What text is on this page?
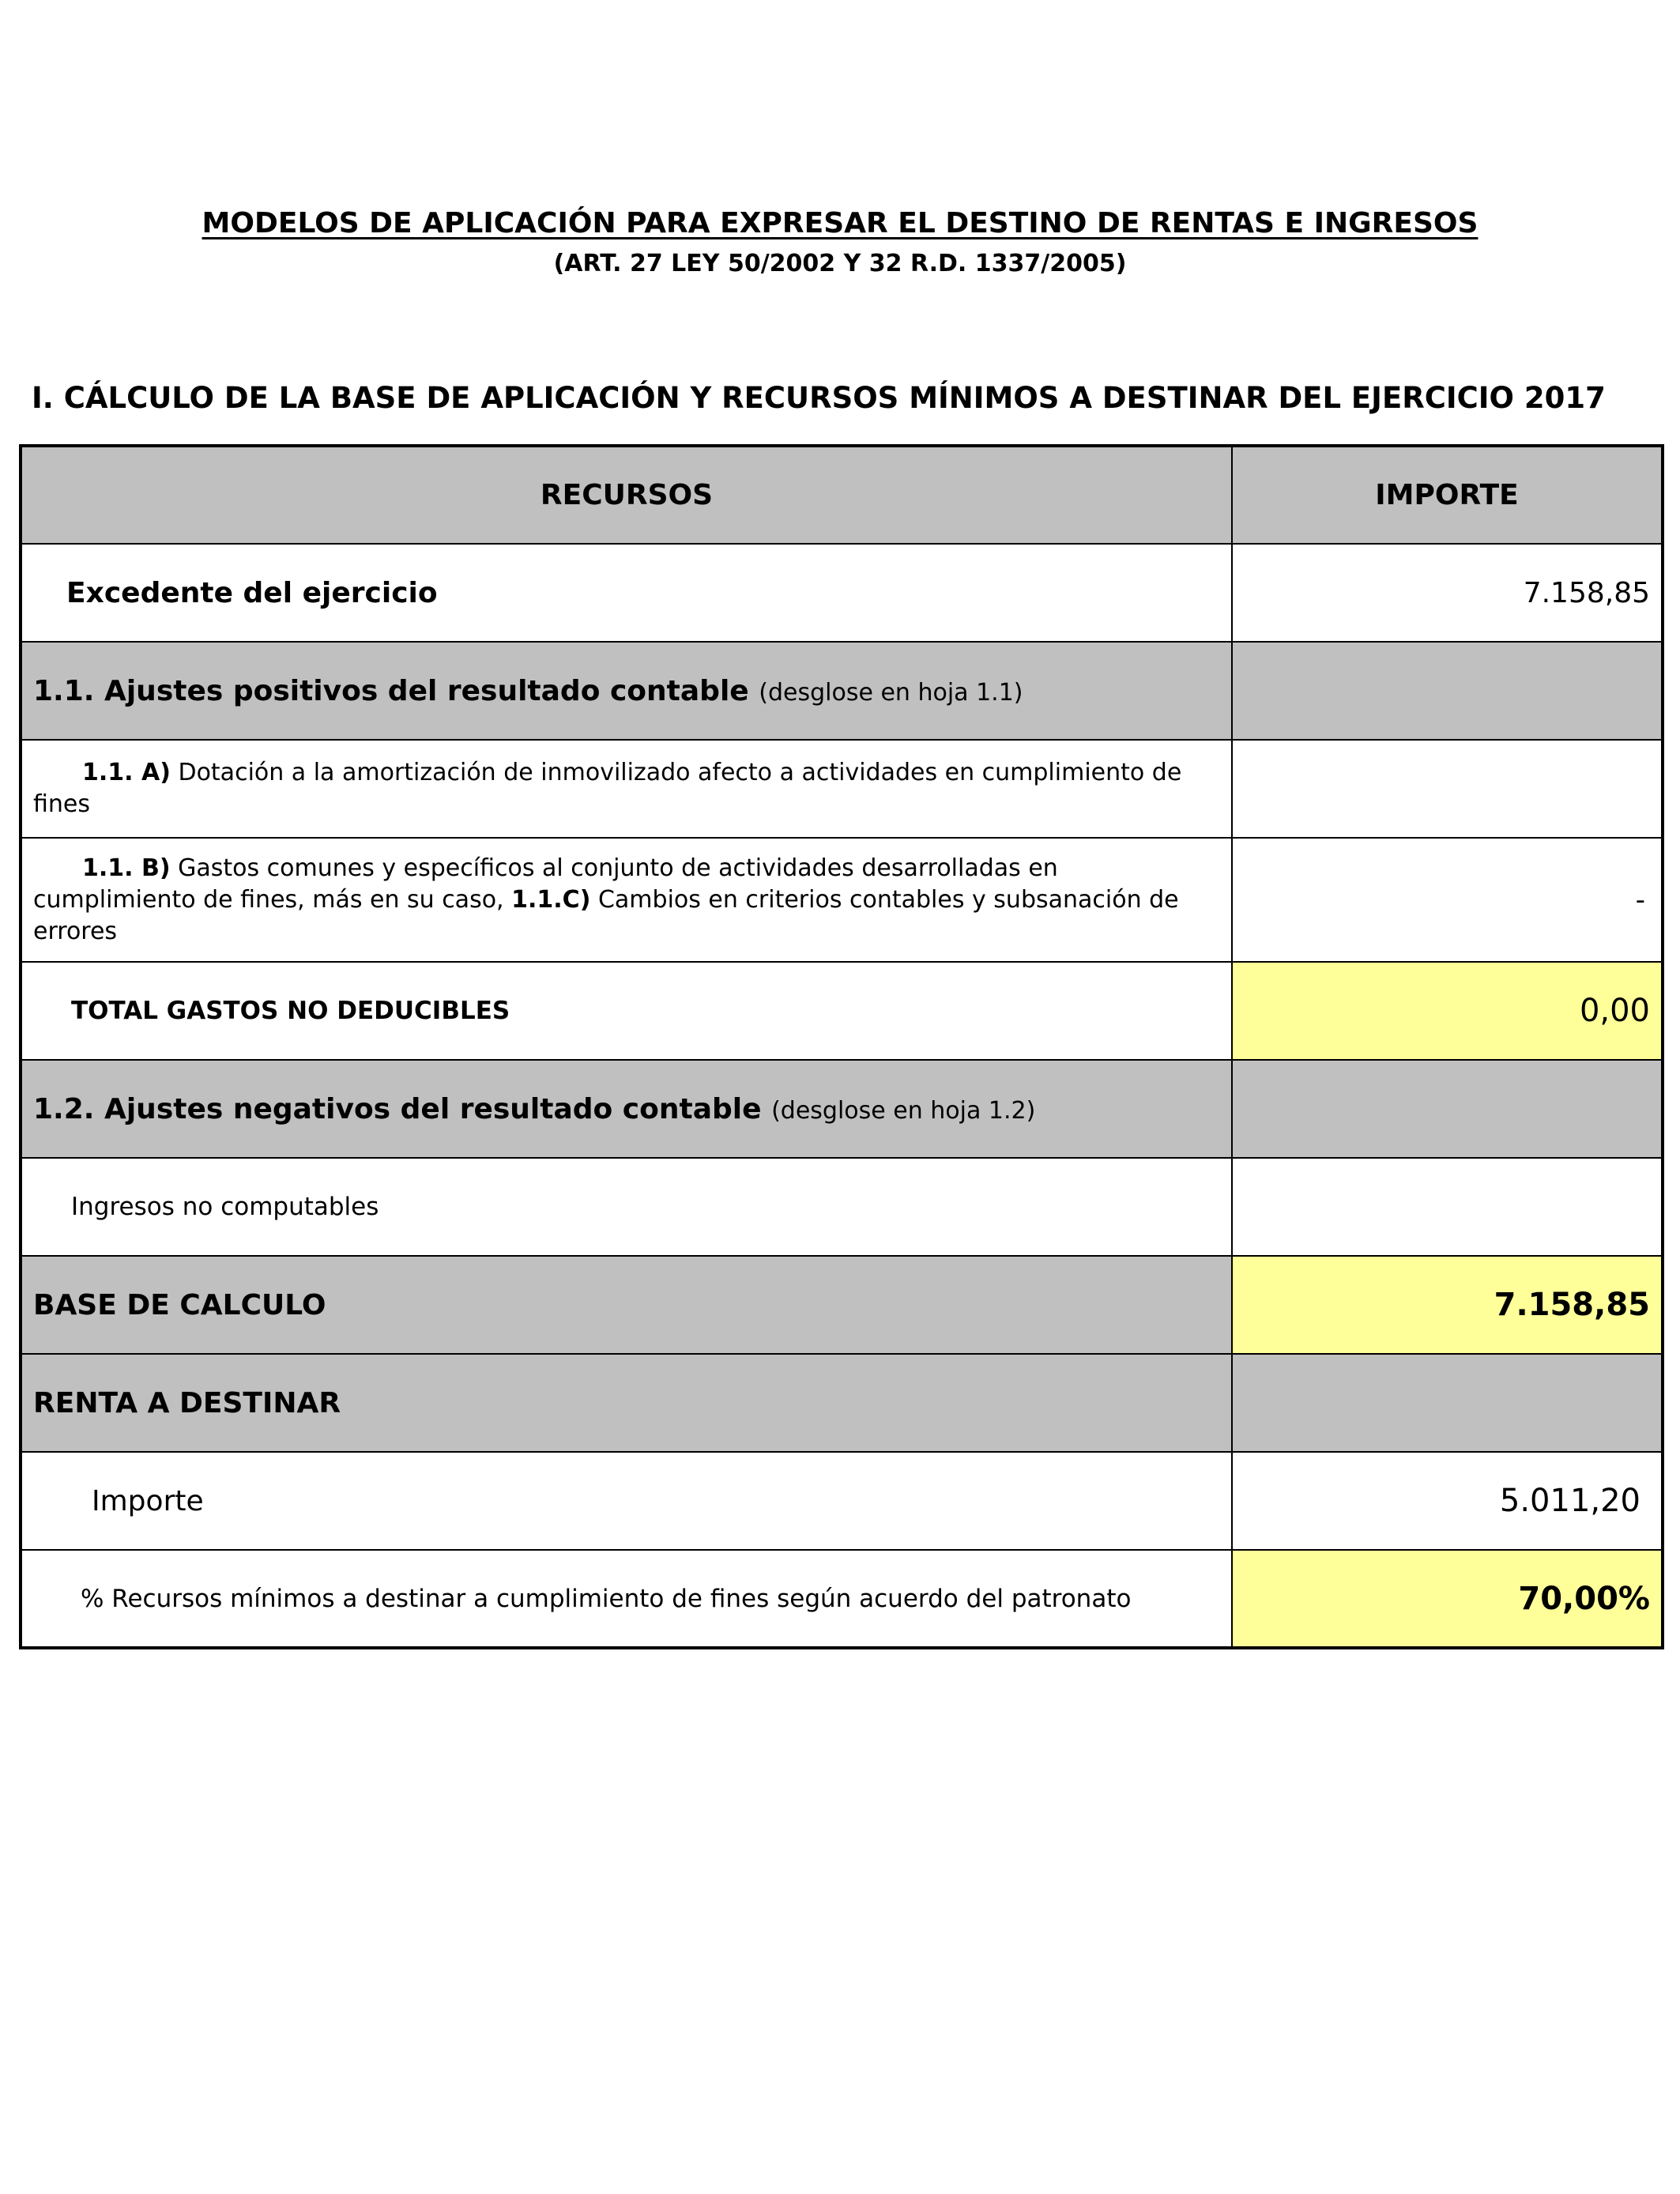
MODELOS DE APLICACIÓN PARA EXPRESAR EL DESTINO DE RENTAS E INGRESOS
(ART. 27 LEY 50/2002 Y 32 R.D. 1337/2005)
I. CÁLCULO DE LA BASE DE APLICACIÓN Y RECURSOS MÍNIMOS A DESTINAR DEL EJERCICIO 2017
RECURSOS	IMPORTE
Excedente del ejercicio	7.158,85
1.1. Ajustes positivos del resultado contable (desglose en hoja 1.1)	
1.1. A) Dotación a la amortización de inmovilizado afecto a actividades en cumplimiento de fines	
1.1. B) Gastos comunes y específicos al conjunto de actividades desarrolladas en cumplimiento de fines, más en su caso, 1.1.C) Cambios en criterios contables y subsanación de errores	-
TOTAL GASTOS NO DEDUCIBLES	0,00
1.2. Ajustes negativos del resultado contable (desglose en hoja 1.2)	
Ingresos no computables	
BASE DE CALCULO	7.158,85
RENTA A DESTINAR	
Importe	5.011,20
% Recursos mínimos a destinar a cumplimiento de fines según acuerdo del patronato	70,00%
